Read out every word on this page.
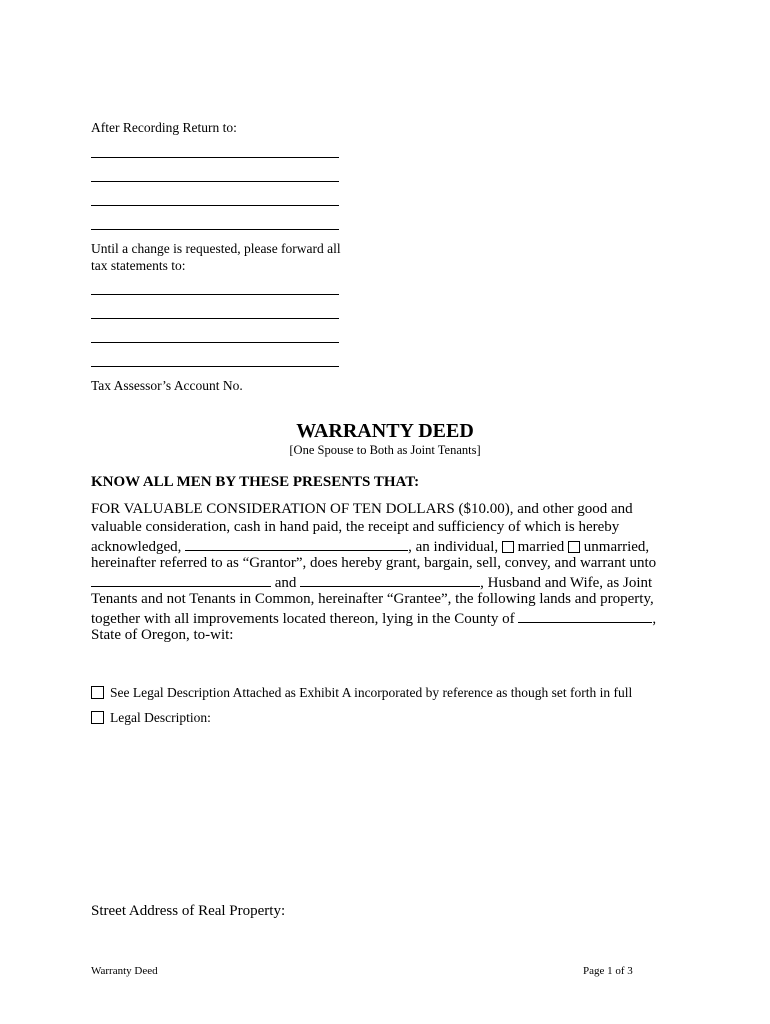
After Recording Return to:
Until a change is requested, please forward all
tax statements to:
Tax Assessor’s Account No.
WARRANTY DEED
[One Spouse to Both as Joint Tenants]
KNOW ALL MEN BY THESE PRESENTS THAT:
FOR VALUABLE CONSIDERATION OF TEN DOLLARS ($10.00), and other good and
valuable consideration, cash in hand paid, the receipt and sufficiency of which is hereby
acknowledged,	, an individual, married unmarried,
hereinafter referred to as “Grantor”, does hereby grant, bargain, sell, convey, and warrant unto
and	, Husband and Wife, as Joint
Tenants and not Tenants in Common, hereinafter “Grantee”, the following lands and property,
together with all improvements located thereon, lying in the County of	,
State of Oregon, to-wit:
See Legal Description Attached as Exhibit A incorporated by reference as though set forth in full
Legal Description:
Street Address of Real Property:
Warranty Deed	Page 1 of 3
